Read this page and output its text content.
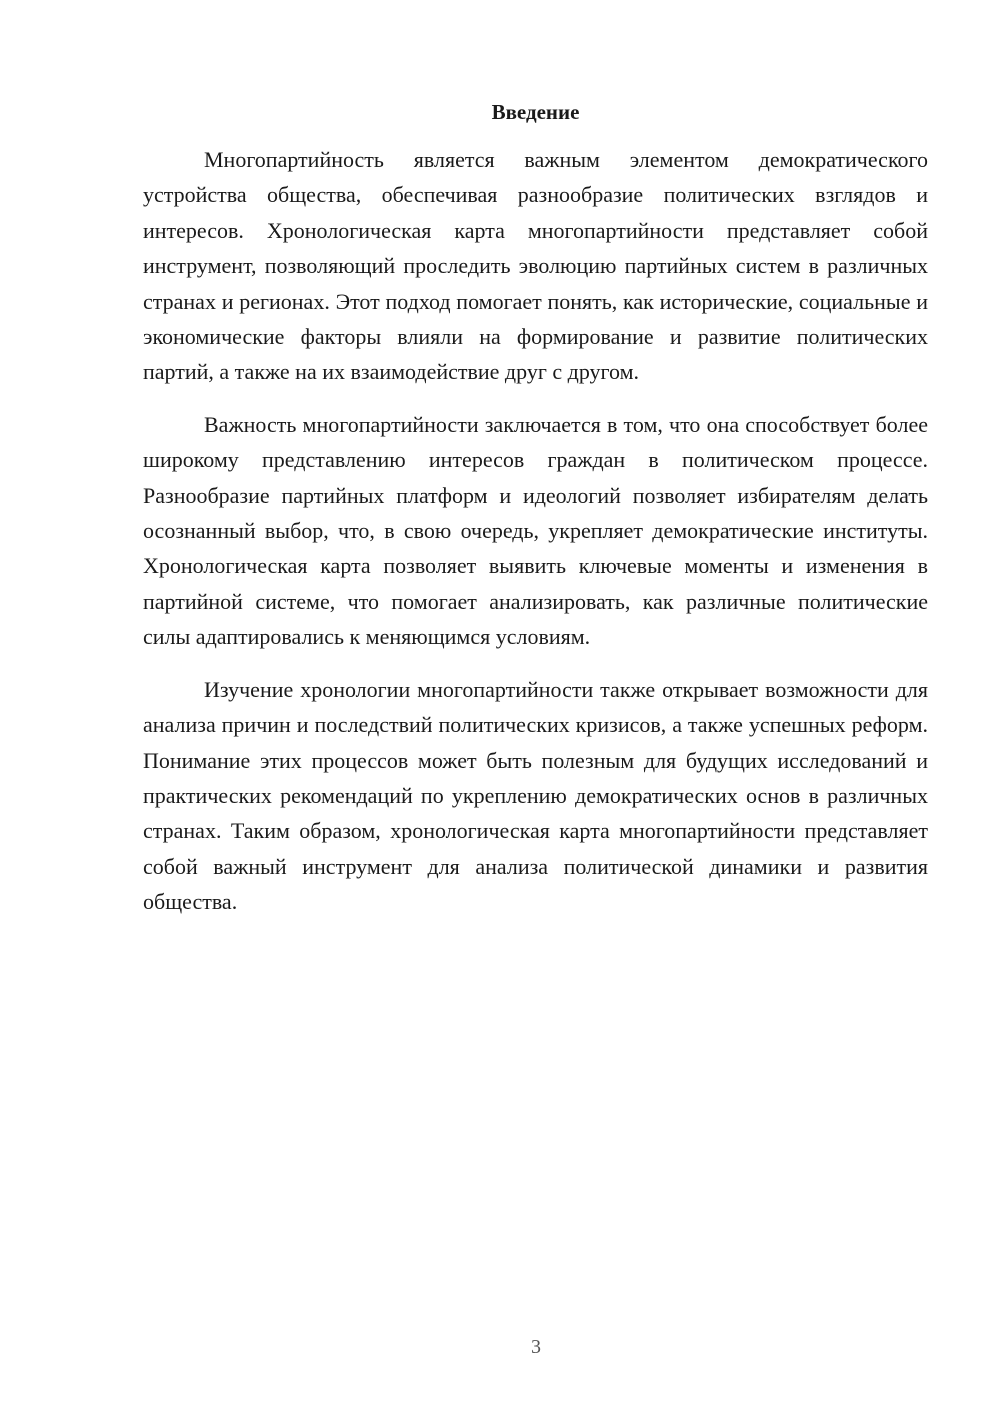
Введение

Многопартийность является важным элементом демократического устройства общества, обеспечивая разнообразие политических взглядов и интересов. Хронологическая карта многопартийности представляет собой инструмент, позволяющий проследить эволюцию партийных систем в различных странах и регионах. Этот подход помогает понять, как исторические, социальные и экономические факторы влияли на формирование и развитие политических партий, а также на их взаимодействие друг с другом.

Важность многопартийности заключается в том, что она способствует более широкому представлению интересов граждан в политическом процессе. Разнообразие партийных платформ и идеологий позволяет избирателям делать осознанный выбор, что, в свою очередь, укрепляет демократические институты. Хронологическая карта позволяет выявить ключевые моменты и изменения в партийной системе, что помогает анализировать, как различные политические силы адаптировались к меняющимся условиям.

Изучение хронологии многопартийности также открывает возможности для анализа причин и последствий политических кризисов, а также успешных реформ. Понимание этих процессов может быть полезным для будущих исследований и практических рекомендаций по укреплению демократических основ в различных странах. Таким образом, хронологическая карта многопартийности представляет собой важный инструмент для анализа политической динамики и развития общества.

3
